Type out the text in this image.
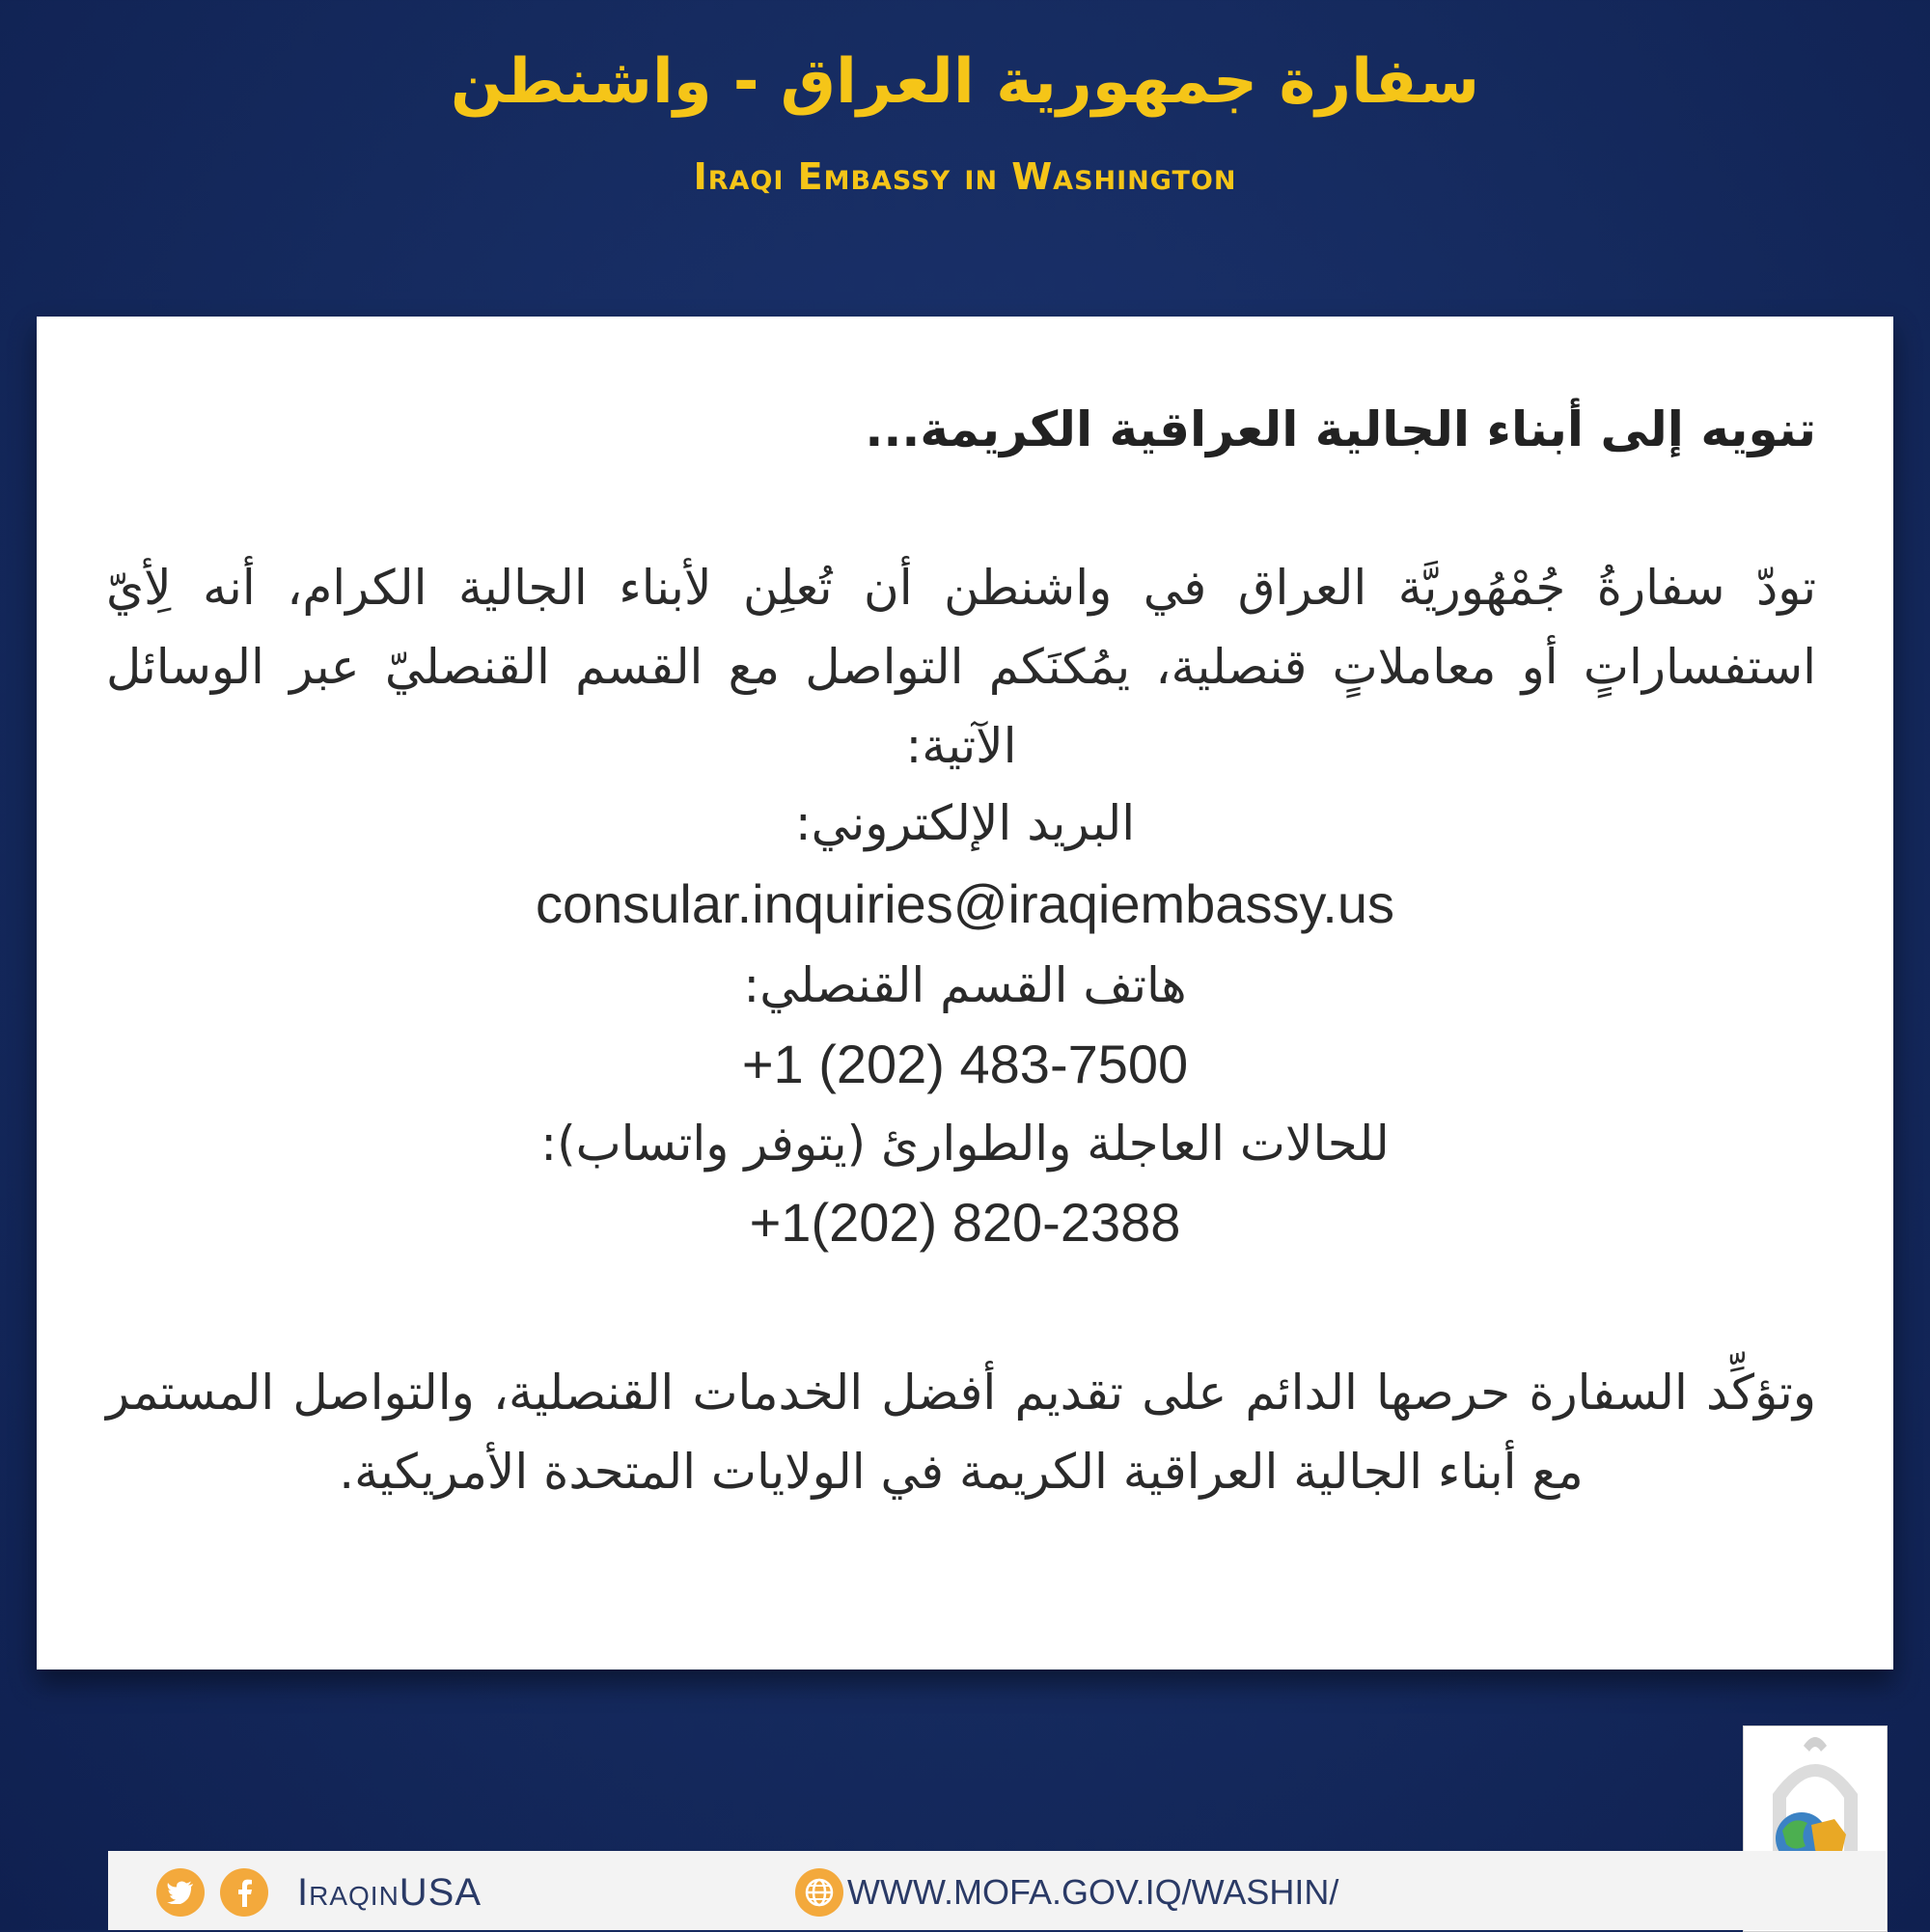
سفارة جمهورية العراق - واشنطن
Iraqi Embassy in Washington
تنويه إلى أبناء الجالية العراقية الكريمة...

تودّ سفارةُ جُمْهُوريَّة العراق في واشنطن أن تُعلِن لأبناء الجالية الكرام، أنه لِأيّ استفساراتٍ أو معاملاتٍ قنصلية، يمُكنَكم التواصل مع القسم القنصليّ عبر الوسائل الآتية:

البريد الإلكتروني:

consular.inquiries@iraqiembassy.us

هاتف القسم القنصلي:

+1 (202) 483-7500

للحالات العاجلة والطوارئ (يتوفر واتساب):

+1(202) 820-2388

وتؤكِّد السفارة حرصها الدائم على تقديم أفضل الخدمات القنصلية، والتواصل المستمر مع أبناء الجالية العراقية الكريمة في الولايات المتحدة الأمريكية.

IraqinUSA	WWW.MOFA.GOV.IQ/WASHIN/
